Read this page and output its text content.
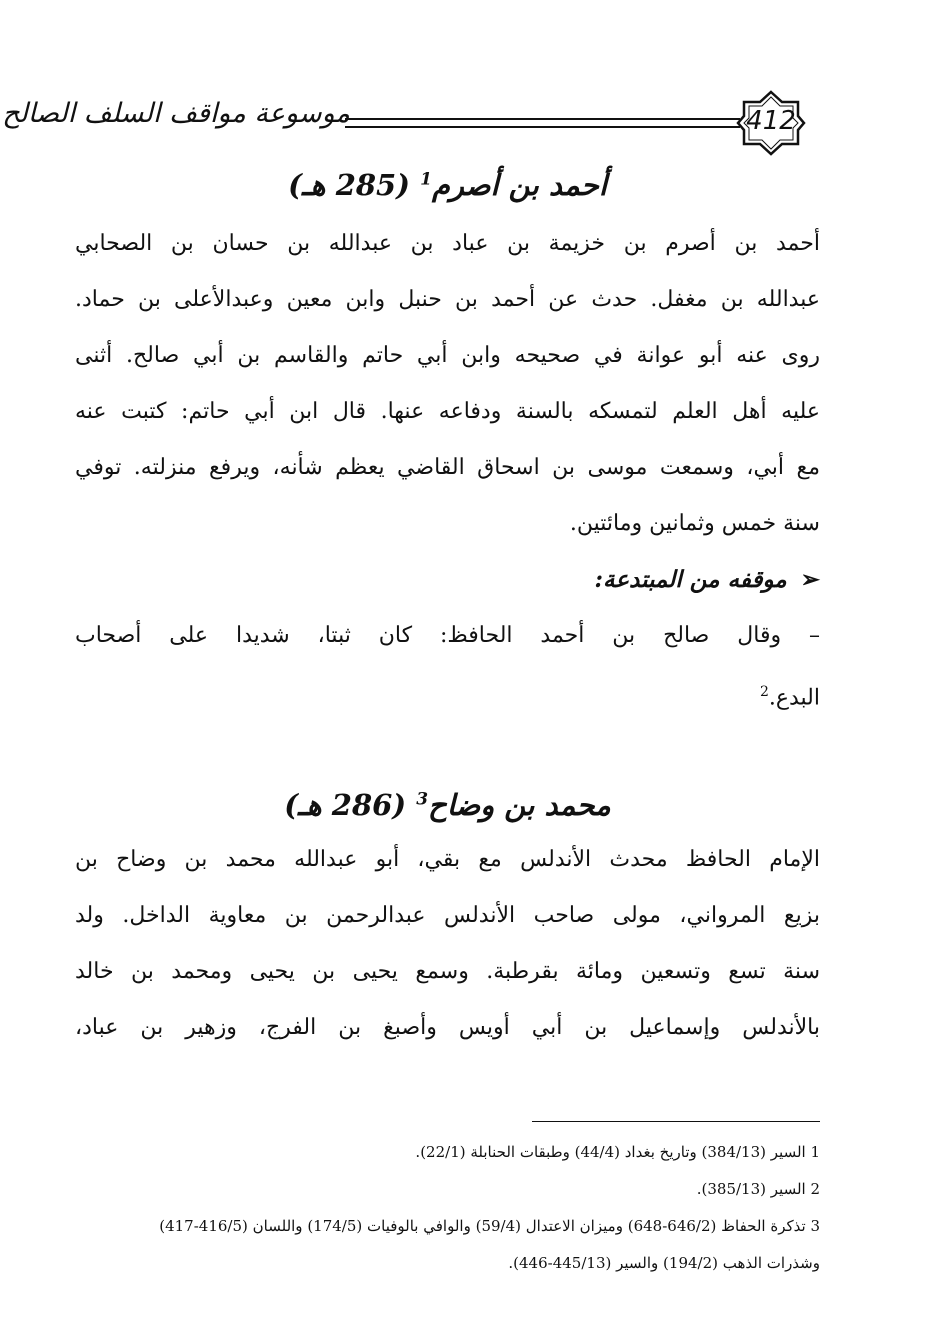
موسوعة مواقف السلف الصالح	412
أحمد بن أصرم$^1$ (285 هـ)
أحمد بن أصرم بن خزيمة بن عباد بن عبدالله بن حسان بن الصحابي
عبدالله بن مغفل. حدث عن أحمد بن حنبل وابن معين وعبدالأعلى بن حماد.
روى عنه أبو عوانة في صحيحه وابن أبي حاتم والقاسم بن أبي صالح. أثنى
عليه أهل العلم لتمسكه بالسنة ودفاعه عنها. قال ابن أبي حاتم: كتبت عنه
مع أبي، وسمعت موسى بن اسحاق القاضي يعظم شأنه، ويرفع منزلته. توفي
سنة خمس وثمانين ومائتين.
➢موقفه من المبتدعة:
– وقال صالح بن أحمد الحافظ: كان ثبتا، شديدا على أصحاب
البدع.$^2$
محمد بن وضاح$^3$ (286 هـ)
الإمام الحافظ محدث الأندلس مع بقي، أبو عبدالله محمد بن وضاح بن
بزيع المرواني، مولى صاحب الأندلس عبدالرحمن بن معاوية الداخل. ولد
سنة تسع وتسعين ومائة بقرطبة. وسمع يحيى بن يحيى ومحمد بن خالد
بالأندلس وإسماعيل بن أبي أويس وأصبغ بن الفرج، وزهير بن عباد،
1 السير (384/13) وتاريخ بغداد (44/4) وطبقات الحنابلة (22/1).
2 السير (385/13).
3 تذكرة الحفاظ (646/2-648) وميزان الاعتدال (59/4) والوافي بالوفيات (174/5) واللسان (416/5-417)
وشذرات الذهب (194/2) والسير (445/13-446).
